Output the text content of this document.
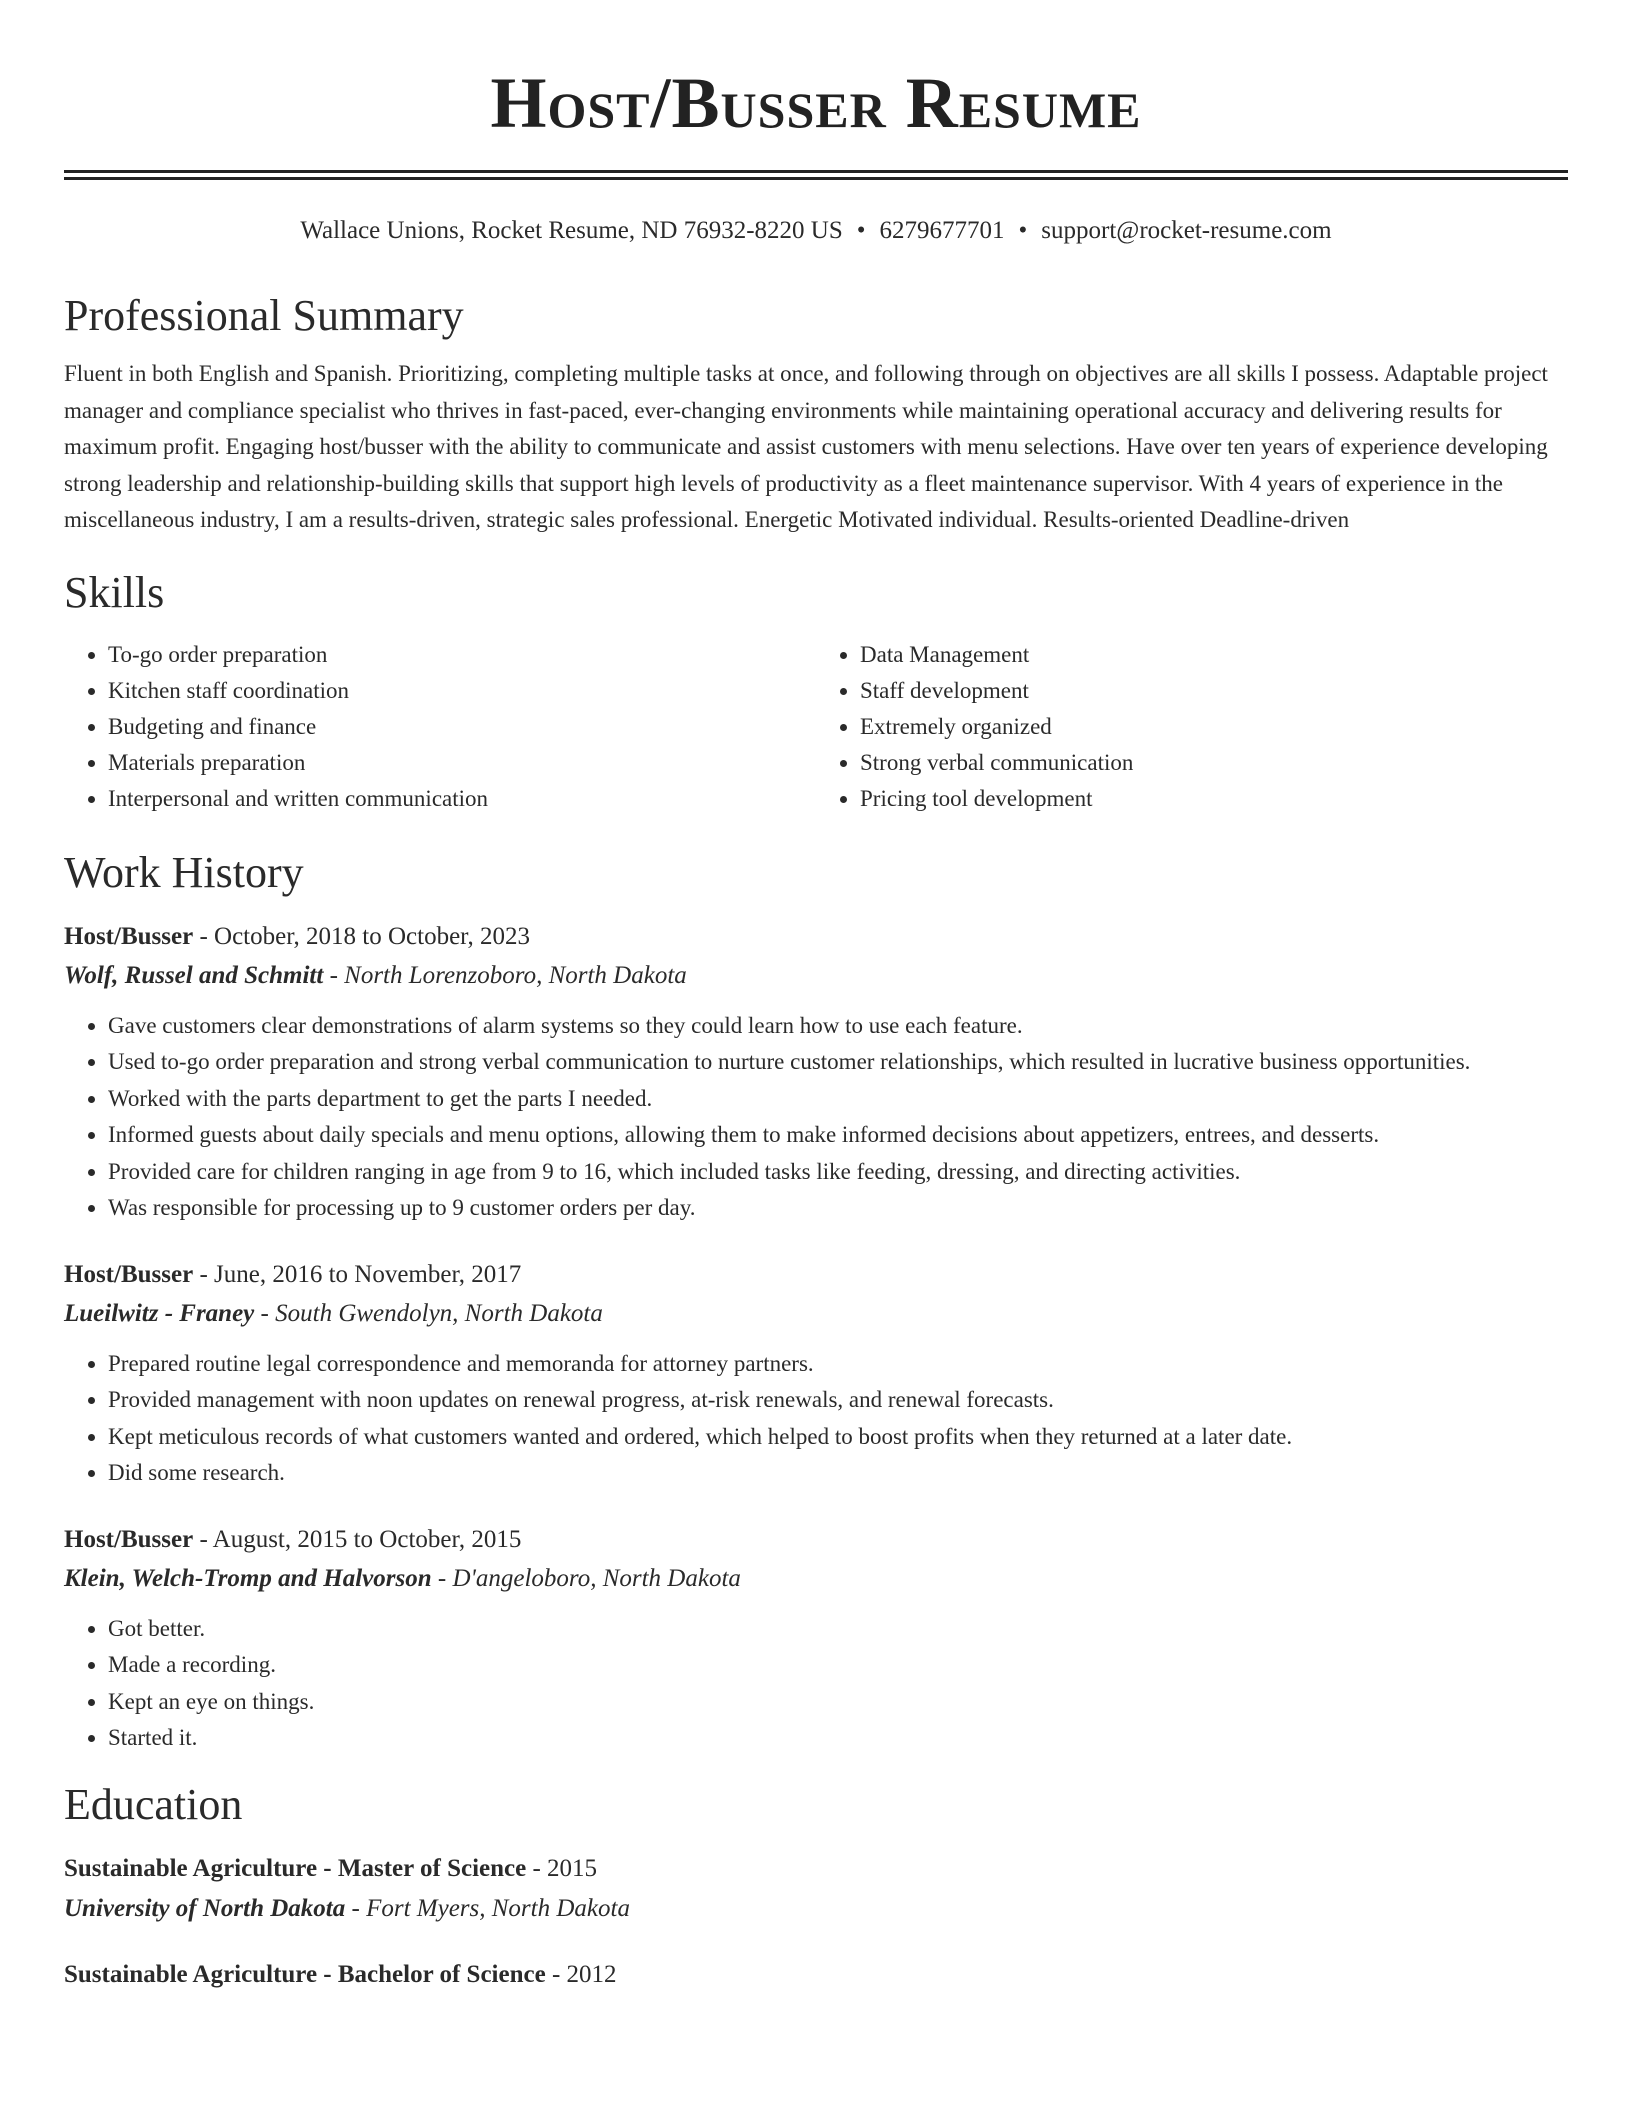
Host/Busser Resume
Wallace Unions, Rocket Resume, ND 76932-8220 US • 6279677701 • support@rocket-resume.com
Professional Summary

Fluent in both English and Spanish. Prioritizing, completing multiple tasks at once, and following through on objectives are all skills I possess. Adaptable project manager and compliance specialist who thrives in fast-paced, ever-changing environments while maintaining operational accuracy and delivering results for maximum profit. Engaging host/busser with the ability to communicate and assist customers with menu selections. Have over ten years of experience developing strong leadership and relationship-building skills that support high levels of productivity as a fleet maintenance supervisor. With 4 years of experience in the miscellaneous industry, I am a results-driven, strategic sales professional. Energetic Motivated individual. Results-oriented Deadline-driven

Skills
• To-go order preparation
• Kitchen staff coordination
• Budgeting and finance
• Materials preparation
• Interpersonal and written communication
• Data Management
• Staff development
• Extremely organized
• Strong verbal communication
• Pricing tool development
Work History
Host/Busser - October, 2018 to October, 2023
Wolf, Russel and Schmitt - North Lorenzoboro, North Dakota
• Gave customers clear demonstrations of alarm systems so they could learn how to use each feature.
• Used to-go order preparation and strong verbal communication to nurture customer relationships, which resulted in lucrative business opportunities.
• Worked with the parts department to get the parts I needed.
• Informed guests about daily specials and menu options, allowing them to make informed decisions about appetizers, entrees, and desserts.
• Provided care for children ranging in age from 9 to 16, which included tasks like feeding, dressing, and directing activities.
• Was responsible for processing up to 9 customer orders per day.
Host/Busser - June, 2016 to November, 2017
Lueilwitz - Franey - South Gwendolyn, North Dakota
• Prepared routine legal correspondence and memoranda for attorney partners.
• Provided management with noon updates on renewal progress, at-risk renewals, and renewal forecasts.
• Kept meticulous records of what customers wanted and ordered, which helped to boost profits when they returned at a later date.
• Did some research.
Host/Busser - August, 2015 to October, 2015
Klein, Welch-Tromp and Halvorson - D'angeloboro, North Dakota
• Got better.
• Made a recording.
• Kept an eye on things.
• Started it.
Education
Sustainable Agriculture - Master of Science - 2015
University of North Dakota - Fort Myers, North Dakota
Sustainable Agriculture - Bachelor of Science - 2012
